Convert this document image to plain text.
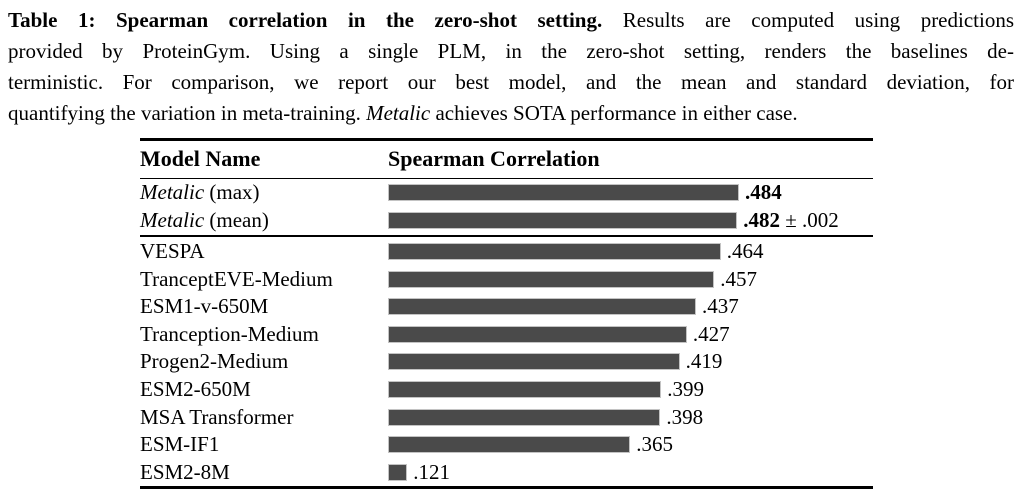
Table 1: Spearman correlation in the zero-shot setting. Results are computed using predictions
provided by ProteinGym. Using a single PLM, in the zero-shot setting, renders the baselines de-
terministic. For comparison, we report our best model, and the mean and standard deviation, for
quantifying the variation in meta-training. Metalic achieves SOTA performance in either case.
Model Name	Spearman Correlation
Metalic (max)	.484
Metalic (mean)	.482 ± .002
VESPA	.464
TranceptEVE-Medium	.457
ESM1-v-650M	.437
Tranception-Medium	.427
Progen2-Medium	.419
ESM2-650M	.399
MSA Transformer	.398
ESM-IF1	.365
ESM2-8M	.121
